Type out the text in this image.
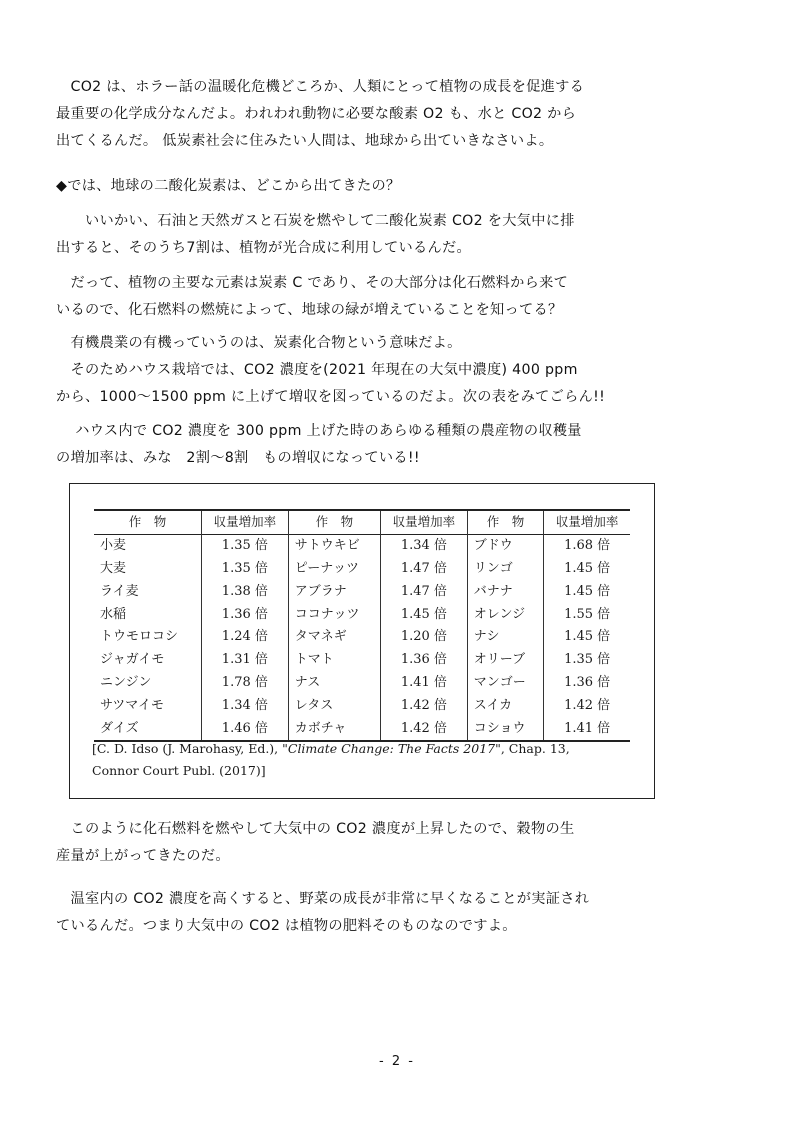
　CO2 は、ホラー話の温暖化危機どころか、人類にとって植物の成長を促進する
最重要の化学成分なんだよ。われわれ動物に必要な酸素 O2 も、水と CO2 から
出てくるんだ。 低炭素社会に住みたい人間は、地球から出ていきなさいよ。
◆では、地球の二酸化炭素は、どこから出てきたの？
　　いいかい、石油と天然ガスと石炭を燃やして二酸化炭素 CO2 を大気中に排
出すると、そのうち7割は、植物が光合成に利用しているんだ。
　だって、植物の主要な元素は炭素 C であり、その大部分は化石燃料から来て
いるので、化石燃料の燃焼によって、地球の緑が増えていることを知ってる？
　有機農業の有機っていうのは、炭素化合物という意味だよ。
　そのためハウス栽培では、CO2 濃度を(2021 年現在の大気中濃度) 400 ppm
から、1000～1500 ppm に上げて増収を図っているのだよ。次の表をみてごらん!!
　 ハウス内で CO2 濃度を 300 ppm 上げた時のあらゆる種類の農産物の収穫量
の増加率は、みな　2割～8割　もの増収になっている!!
作　物	収量増加率	作　物	収量増加率	作　物	収量増加率
小麦	1.35 倍	サトウキビ	1.34 倍	ブドウ	1.68 倍
大麦	1.35 倍	ピーナッツ	1.47 倍	リンゴ	1.45 倍
ライ麦	1.38 倍	アブラナ	1.47 倍	バナナ	1.45 倍
水稲	1.36 倍	ココナッツ	1.45 倍	オレンジ	1.55 倍
トウモロコシ	1.24 倍	タマネギ	1.20 倍	ナシ	1.45 倍
ジャガイモ	1.31 倍	トマト	1.36 倍	オリーブ	1.35 倍
ニンジン	1.78 倍	ナス	1.41 倍	マンゴー	1.36 倍
サツマイモ	1.34 倍	レタス	1.42 倍	スイカ	1.42 倍
ダイズ	1.46 倍	カボチャ	1.42 倍	コショウ	1.41 倍
[C. D. Idso (J. Marohasy, Ed.), "Climate Change: The Facts 2017", Chap. 13,
Connor Court Publ. (2017)]
　このように化石燃料を燃やして大気中の CO2 濃度が上昇したので、穀物の生
産量が上がってきたのだ。
　温室内の CO2 濃度を高くすると、野菜の成長が非常に早くなることが実証され
ているんだ。つまり大気中の CO2 は植物の肥料そのものなのですよ。
- 2 -
